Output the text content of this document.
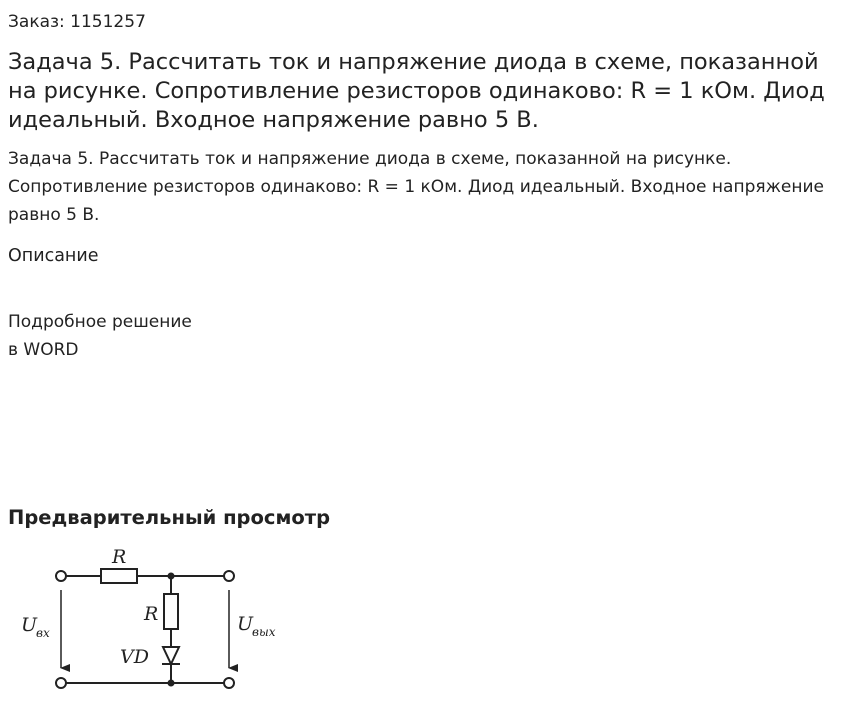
Заказ: 1151257

Задача 5. Рассчитать ток и напряжение диода в схеме, показанной на рисунке. Сопротивление резисторов одинаково: R = 1 кОм. Диод идеальный. Входное напряжение равно 5 В.

Задача 5. Рассчитать ток и напряжение диода в схеме, показанной на рисунке. Сопротивление резисторов одинаково: R = 1 кОм. Диод идеальный. Входное напряжение равно 5 В.

Описание

Подробное решение
в WORD

Предварительный просмотр
R
R
VD
U
вх	U
вых
